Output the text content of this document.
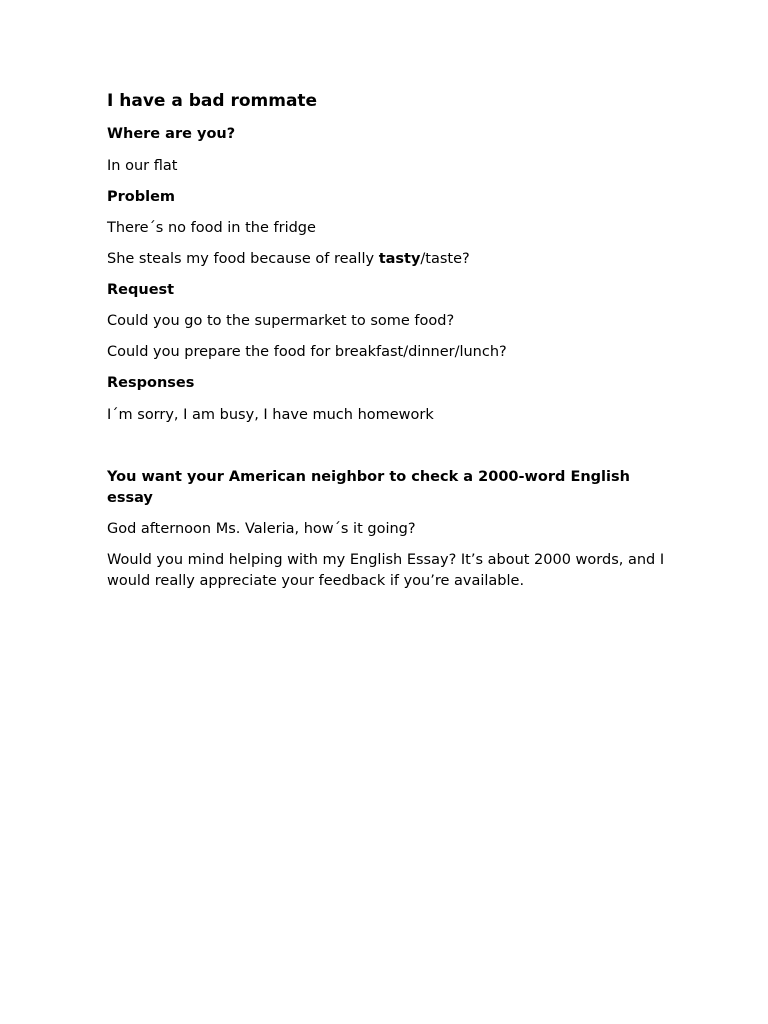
I have a bad rommate

Where are you?

In our flat

Problem

There´s no food in the fridge

She steals my food because of really tasty/taste?

Request

Could you go to the supermarket to some food?

Could you prepare the food for breakfast/dinner/lunch?

Responses

I´m sorry, I am busy, I have much homework

You want your American neighbor to check a 2000-word English essay

God afternoon Ms. Valeria, how´s it going?

Would you mind helping with my English Essay? It’s about 2000 words, and I would really appreciate your feedback if you’re available.
